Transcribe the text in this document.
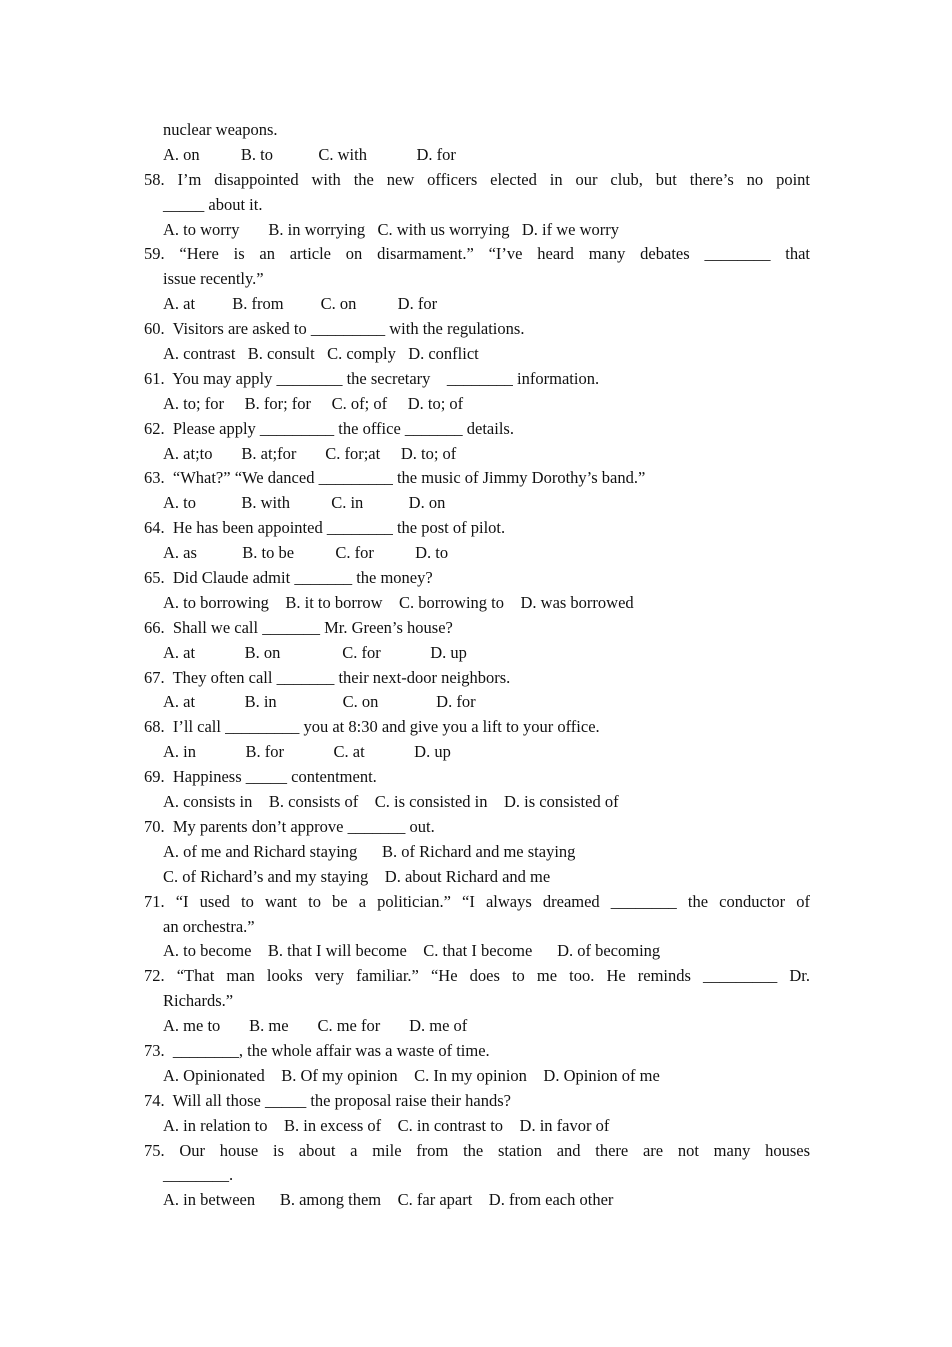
nuclear weapons.
A. on          B. to           C. with            D. for
58. I’m disappointed with the new officers elected in our club, but there’s no point
_____ about it.
A. to worry       B. in worrying   C. with us worrying   D. if we worry
59. “Here is an article on disarmament.” “I’ve heard many debates ________ that
issue recently.”
A. at         B. from         C. on          D. for
60.  Visitors are asked to _________ with the regulations.
A. contrast   B. consult   C. comply   D. conflict
61.  You may apply ________ the secretary    ________ information.
A. to; for     B. for; for     C. of; of     D. to; of
62.  Please apply _________ the office _______ details.
A. at;to       B. at;for       C. for;at     D. to; of
63.  “What?” “We danced _________ the music of Jimmy Dorothy’s band.”
A. to           B. with          C. in           D. on
64.  He has been appointed ________ the post of pilot.
A. as           B. to be          C. for          D. to
65.  Did Claude admit _______ the money?
A. to borrowing    B. it to borrow    C. borrowing to    D. was borrowed
66.  Shall we call _______ Mr. Green’s house?
A. at            B. on               C. for            D. up
67.  They often call _______ their next-door neighbors.
A. at            B. in                C. on              D. for
68.  I’ll call _________ you at 8:30 and give you a lift to your office.
A. in            B. for            C. at            D. up
69.  Happiness _____ contentment.
A. consists in    B. consists of    C. is consisted in    D. is consisted of
70.  My parents don’t approve _______ out.
A. of me and Richard staying      B. of Richard and me staying
C. of Richard’s and my staying    D. about Richard and me
71. “I used to want to be a politician.” “I always dreamed ________ the conductor of
an orchestra.”
A. to become    B. that I will become    C. that I become      D. of becoming
72. “That man looks very familiar.” “He does to me too. He reminds _________ Dr.
Richards.”
A. me to       B. me       C. me for       D. me of
73.  ________, the whole affair was a waste of time.
A. Opinionated    B. Of my opinion    C. In my opinion    D. Opinion of me
74.  Will all those _____ the proposal raise their hands?
A. in relation to    B. in excess of    C. in contrast to    D. in favor of
75. Our house is about a mile from the station and there are not many houses
________.
A. in between      B. among them    C. far apart    D. from each other
